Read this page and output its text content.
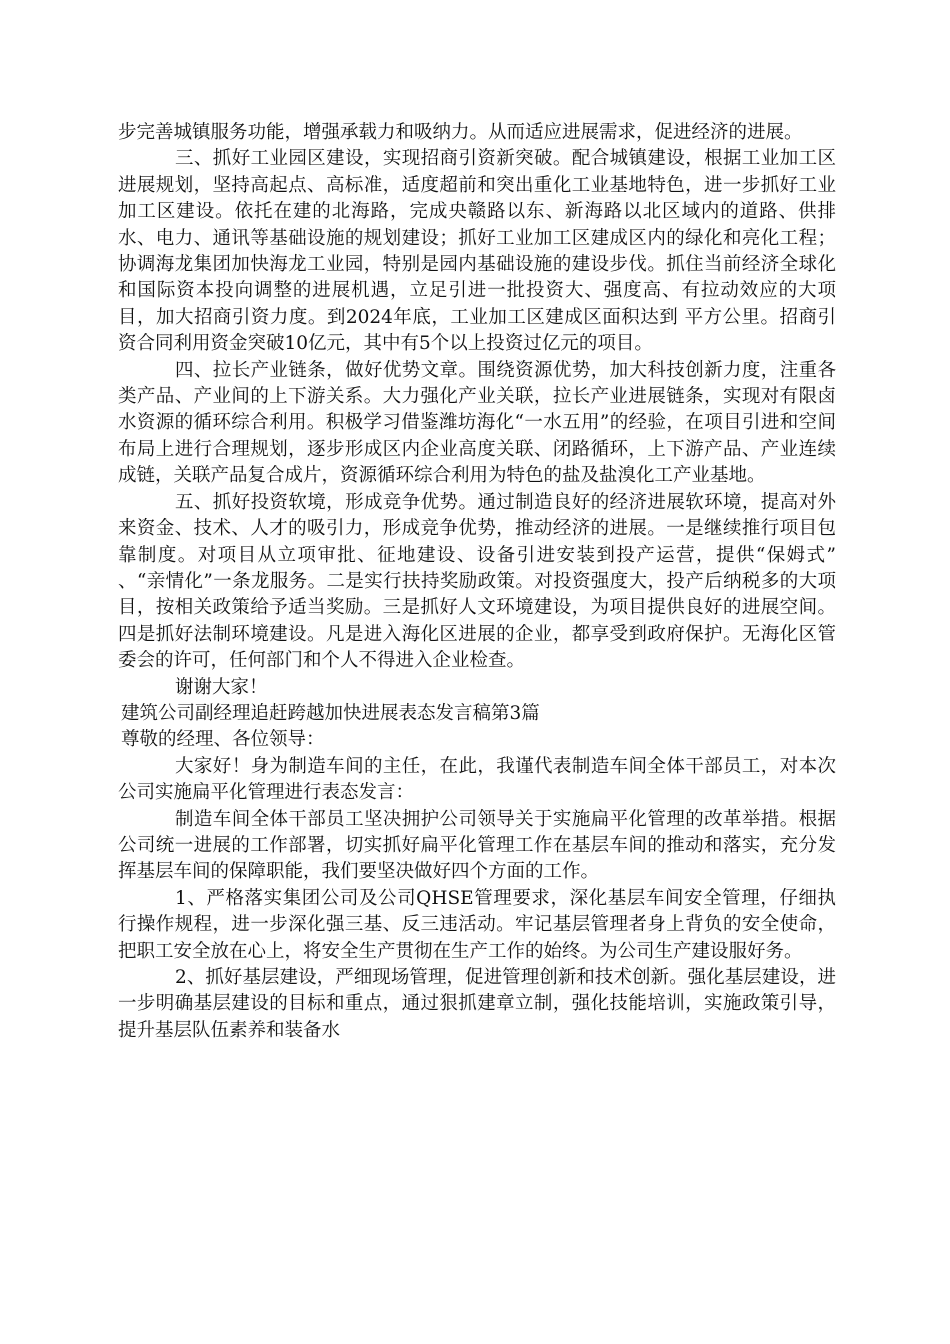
步完善城镇服务功能，增强承载力和吸纳力。从而适应进展需求，促进经济的进展。

三、抓好工业园区建设，实现招商引资新突破。配合城镇建设，根据工业加工区进展规划，坚持高起点、高标准，适度超前和突出重化工业基地特色，进一步抓好工业加工区建设。依托在建的北海路，完成央赣路以东、新海路以北区域内的道路、供排水、电力、通讯等基础设施的规划建设；抓好工业加工区建成区内的绿化和亮化工程；协调海龙集团加快海龙工业园，特别是园内基础设施的建设步伐。抓住当前经济全球化和国际资本投向调整的进展机遇，立足引进一批投资大、强度高、有拉动效应的大项目，加大招商引资力度。到2024年底，工业加工区建成区面积达到 平方公里。招商引资合同利用资金突破10亿元，其中有5个以上投资过亿元的项目。

四、拉长产业链条，做好优势文章。围绕资源优势，加大科技创新力度，注重各类产品、产业间的上下游关系。大力强化产业关联，拉长产业进展链条，实现对有限卤水资源的循环综合利用。积极学习借鉴潍坊海化“一水五用”的经验，在项目引进和空间布局上进行合理规划，逐步形成区内企业高度关联、闭路循环，上下游产品、产业连续成链，关联产品复合成片，资源循环综合利用为特色的盐及盐溴化工产业基地。

五、抓好投资软境，形成竞争优势。通过制造良好的经济进展软环境，提高对外来资金、技术、人才的吸引力，形成竞争优势，推动经济的进展。一是继续推行项目包靠制度。对项目从立项审批、征地建设、设备引进安装到投产运营，提供“保姆式” 、“亲情化”一条龙服务。二是实行扶持奖励政策。对投资强度大，投产后纳税多的大项目，按相关政策给予适当奖励。三是抓好人文环境建设，为项目提供良好的进展空间。四是抓好法制环境建设。凡是进入海化区进展的企业，都享受到政府保护。无海化区管委会的许可，任何部门和个人不得进入企业检查。

谢谢大家！

建筑公司副经理追赶跨越加快进展表态发言稿第3篇

尊敬的经理、各位领导：

大家好！身为制造车间的主任，在此，我谨代表制造车间全体干部员工，对本次公司实施扁平化管理进行表态发言：

制造车间全体干部员工坚决拥护公司领导关于实施扁平化管理的改革举措。根据公司统一进展的工作部署，切实抓好扁平化管理工作在基层车间的推动和落实，充分发挥基层车间的保障职能，我们要坚决做好四个方面的工作。

1、严格落实集团公司及公司QHSE管理要求，深化基层车间安全管理，仔细执行操作规程，进一步深化强三基、反三违活动。牢记基层管理者身上背负的安全使命，把职工安全放在心上，将安全生产贯彻在生产工作的始终。为公司生产建设服好务。

2、抓好基层建设，严细现场管理，促进管理创新和技术创新。强化基层建设，进一步明确基层建设的目标和重点，通过狠抓建章立制，强化技能培训，实施政策引导，提升基层队伍素养和装备水
